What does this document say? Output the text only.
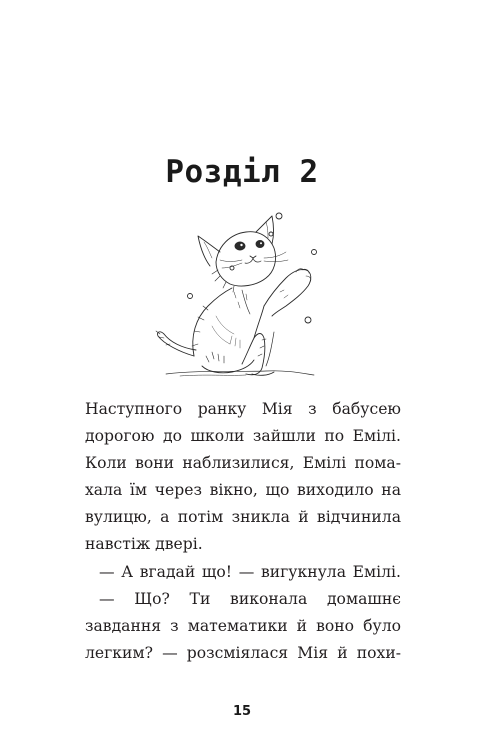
Розділ 2
Наступного ранку Мія з бабусею
дорогою до школи зайшли по Емілі.
Коли вони наблизилися, Емілі пома-
хала їм через вікно, що виходило на
вулицю, а потім зникла й відчинила
навстіж двері.
— А вгадай що! — вигукнула Емілі.
— Що? Ти виконала домашнє
завдання з математики й воно було
легким? — розсміялася Мія й похи-
15
